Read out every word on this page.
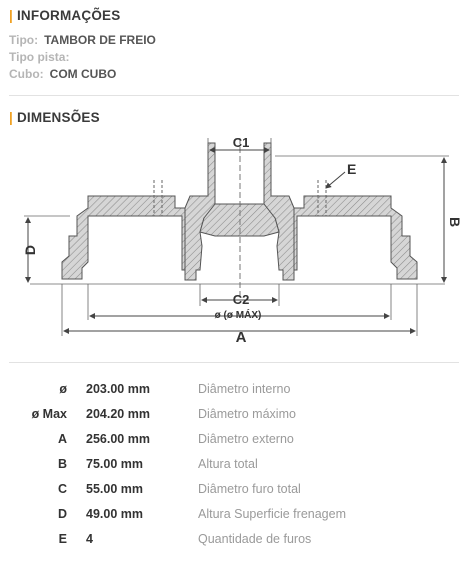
| INFORMAÇÕES
Tipo: TAMBOR DE FREIO
Tipo pista:
Cubo: COM CUBO
| DIMENSÕES
C1
E
D
B
C2
ø (ø MÁX)
A
ø 203.00 mm	Diâmetro interno
ø Max 204.20 mm	Diâmetro máximo
A 256.00 mm	Diâmetro externo
B 75.00 mm	Altura total
C 55.00 mm	Diâmetro furo total
D 49.00 mm	Altura Superficie frenagem
E 4	Quantidade de furos
